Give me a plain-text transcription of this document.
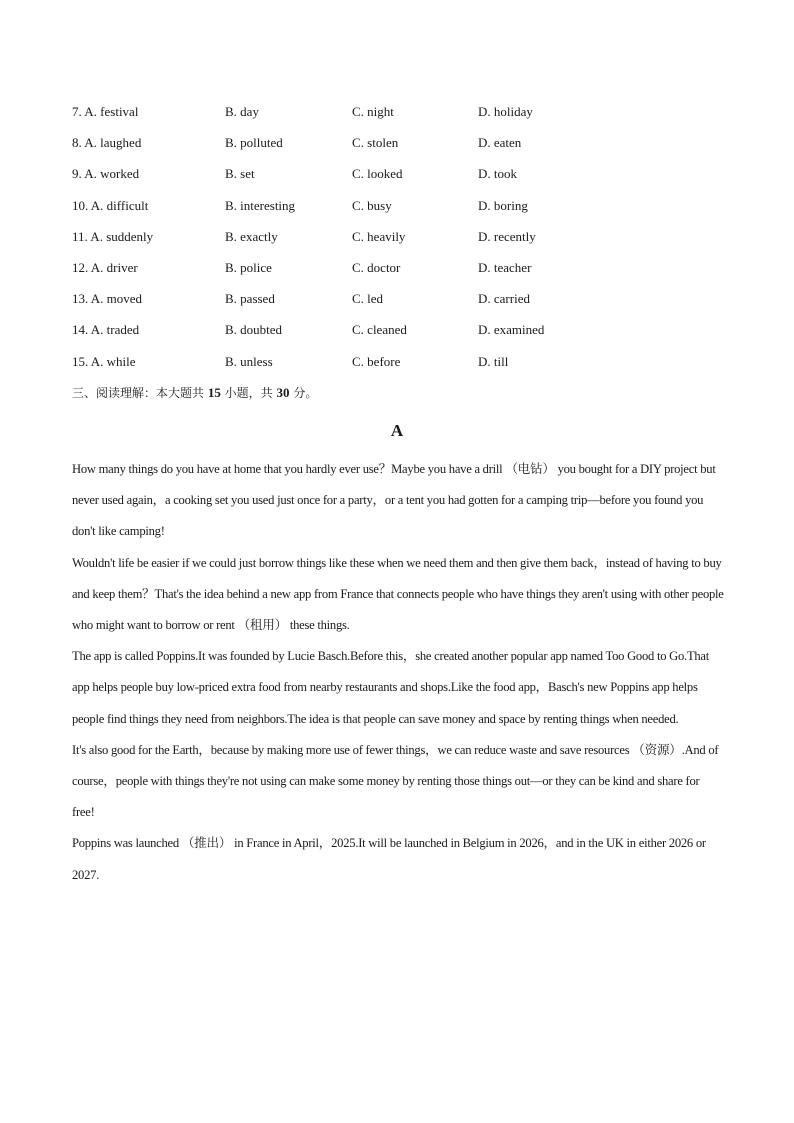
7. A. festival	B. day	C. night	D. holiday
8. A. laughed	B. polluted	C. stolen	D. eaten
9. A. worked	B. set	C. looked	D. took
10. A. difficult	B. interesting	C. busy	D. boring
11. A. suddenly	B. exactly	C. heavily	D. recently
12. A. driver	B. police	C. doctor	D. teacher
13. A. moved	B. passed	C. led	D. carried
14. A. traded	B. doubted	C. cleaned	D. examined
15. A. while	B. unless	C. before	D. till
三、阅读理解：本大题共 15 小题，共 30 分。
A

How many things do you have at home that you hardly ever use？Maybe you have a drill （电钻） you bought for a DIY project but never used again，a cooking set you used just once for a party，or a tent you had gotten for a camping trip—before you found you don't like camping!

Wouldn't life be easier if we could just borrow things like these when we need them and then give them back，instead of having to buy and keep them？That's the idea behind a new app from France that connects people who have things they aren't using with other people who might want to borrow or rent （租用） these things.

The app is called Poppins.It was founded by Lucie Basch.Before this，she created another popular app named Too Good to Go.That app helps people buy low-priced extra food from nearby restaurants and shops.Like the food app，Basch's new Poppins app helps people find things they need from neighbors.The idea is that people can save money and space by renting things when needed.

It's also good for the Earth，because by making more use of fewer things，we can reduce waste and save resources （资源）.And of course，people with things they're not using can make some money by renting those things out—or they can be kind and share for free!

Poppins was launched （推出） in France in April，2025.It will be launched in Belgium in 2026，and in the UK in either 2026 or 2027.
